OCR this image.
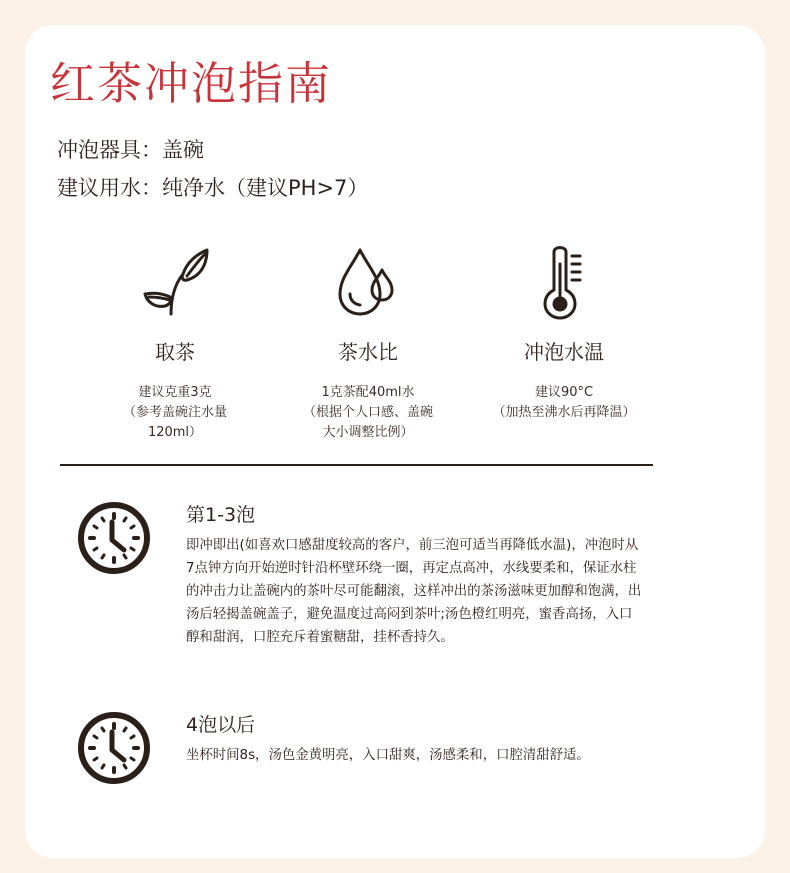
红茶冲泡指南
冲泡器具：盖碗
建议用水：纯净水（建议PH>7）
取茶
建议克重3克
（参考盖碗注水量
120ml）
茶水比
1克茶配40ml水
（根据个人口感、盖碗
大小调整比例）
冲泡水温
建议90°C
（加热至沸水后再降温）
第1-3泡
即冲即出(如喜欢口感甜度较高的客户，前三泡可适当再降低水温)，冲泡时从7点钟方向开始逆时针沿杯壁环绕一圈，再定点高冲，水线要柔和，保证水柱的冲击力让盖碗内的茶叶尽可能翻滚，这样冲出的茶汤滋味更加醇和饱满，出汤后轻揭盖碗盖子，避免温度过高闷到茶叶;汤色橙红明亮，蜜香高扬，入口醇和甜润，口腔充斥着蜜糖甜，挂杯香持久。
4泡以后
坐杯时间8s，汤色金黄明亮，入口甜爽，汤感柔和，口腔清甜舒适。
